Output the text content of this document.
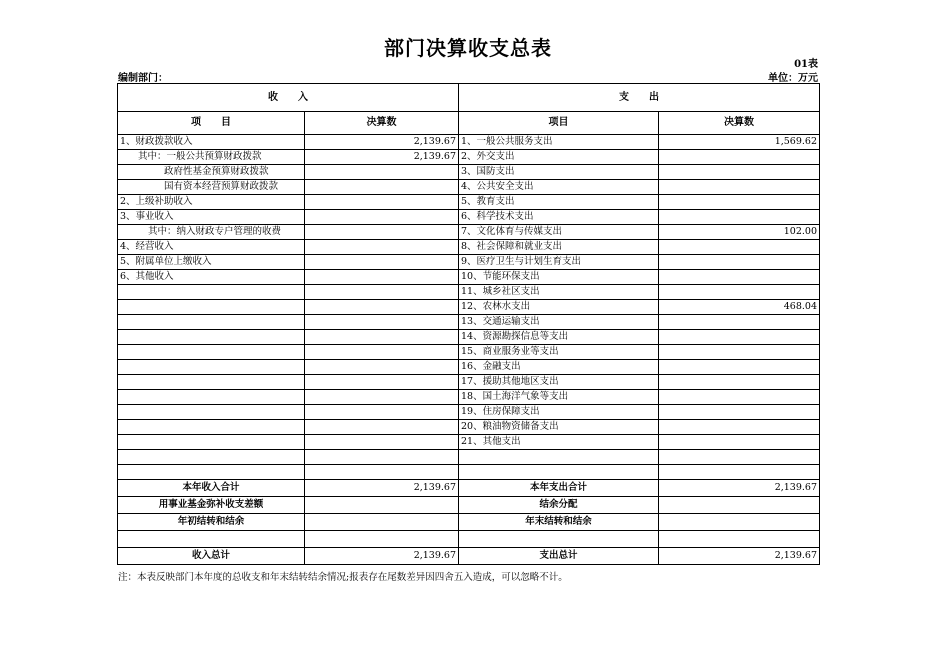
部门决算收支总表
01表
编制部门：	单位：万元
收　　入		支　　出	
项　　目	决算数	项目	决算数
1、财政拨款收入	2,139.67	1、一般公共服务支出	1,569.62
其中：一般公共预算财政拨款	2,139.67	2、外交支出	
政府性基金预算财政拨款		3、国防支出	
国有资本经营预算财政拨款		4、公共安全支出	
2、上级补助收入		5、教育支出	
3、事业收入		6、科学技术支出	
其中：纳入财政专户管理的收费		7、文化体育与传媒支出	102.00
4、经营收入		8、社会保障和就业支出	
5、附属单位上缴收入		9、医疗卫生与计划生育支出	
6、其他收入		10、节能环保支出	
		11、城乡社区支出	
		12、农林水支出	468.04
		13、交通运输支出	
		14、资源勘探信息等支出	
		15、商业服务业等支出	
		16、金融支出	
		17、援助其他地区支出	
		18、国土海洋气象等支出	
		19、住房保障支出	
		20、粮油物资储备支出	
		21、其他支出	

本年收入合计	2,139.67	本年支出合计	2,139.67
用事业基金弥补收支差额		结余分配	
年初结转和结余		年末结转和结余	

收入总计	2,139.67	支出总计	2,139.67
注：本表反映部门本年度的总收支和年末结转结余情况;报表存在尾数差异因四舍五入造成，可以忽略不计。
